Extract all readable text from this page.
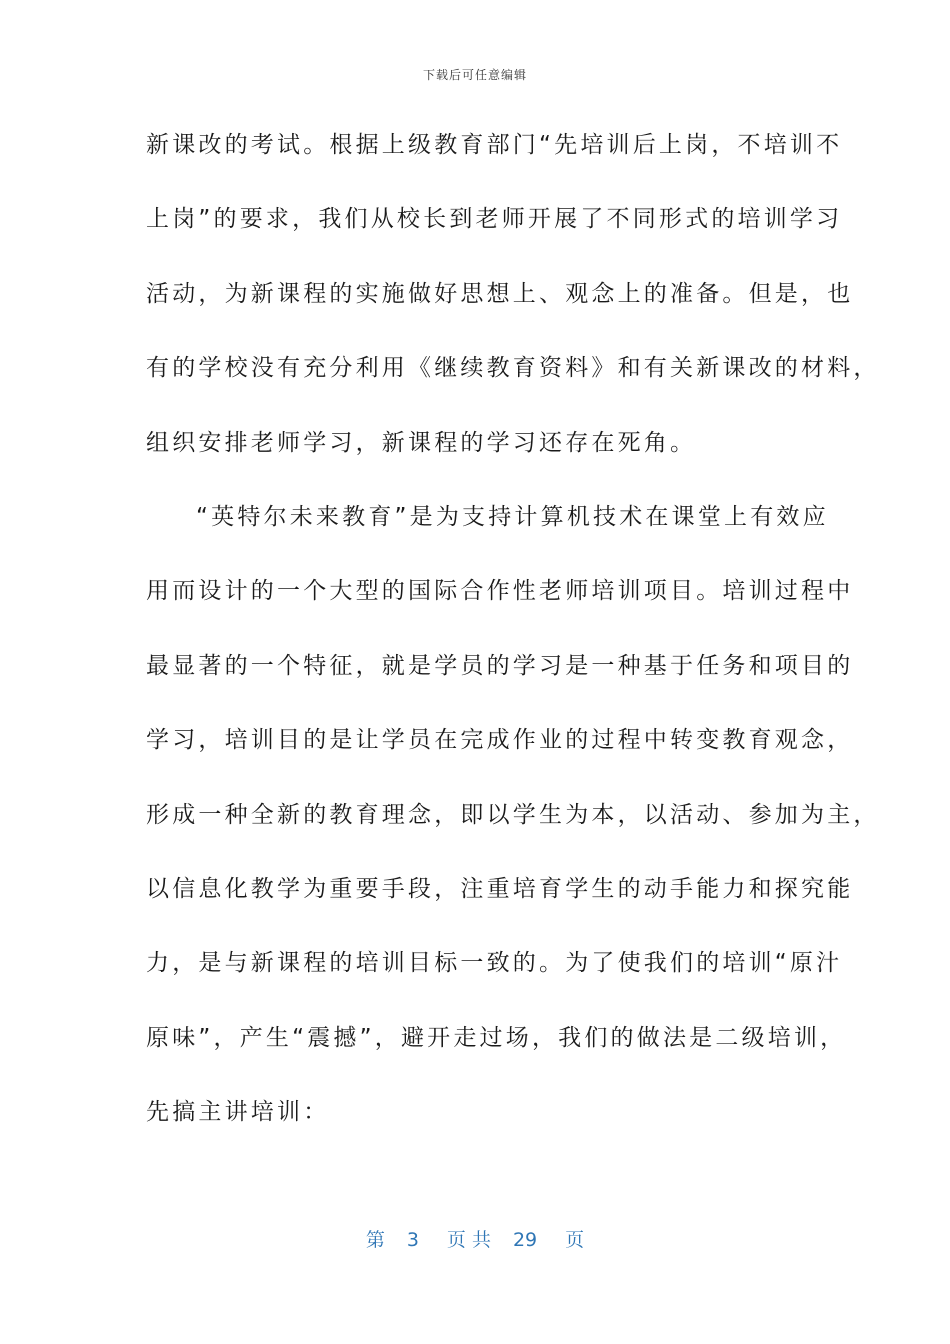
下载后可任意编辑
新课改的考试。根据上级教育部门“先培训后上岗，不培训不
上岗”的要求，我们从校长到老师开展了不同形式的培训学习
活动，为新课程的实施做好思想上、观念上的准备。但是，也
有的学校没有充分利用《继续教育资料》和有关新课改的材料，
组织安排老师学习，新课程的学习还存在死角。
“英特尔未来教育”是为支持计算机技术在课堂上有效应
用而设计的一个大型的国际合作性老师培训项目。培训过程中
最显著的一个特征，就是学员的学习是一种基于任务和项目的
学习，培训目的是让学员在完成作业的过程中转变教育观念，
形成一种全新的教育理念，即以学生为本，以活动、参加为主，
以信息化教学为重要手段，注重培育学生的动手能力和探究能
力，是与新课程的培训目标一致的。为了使我们的培训“原汁
原味”，产生“震撼”，避开走过场，我们的做法是二级培训，
先搞主讲培训：
第 3 页 共 29 页
